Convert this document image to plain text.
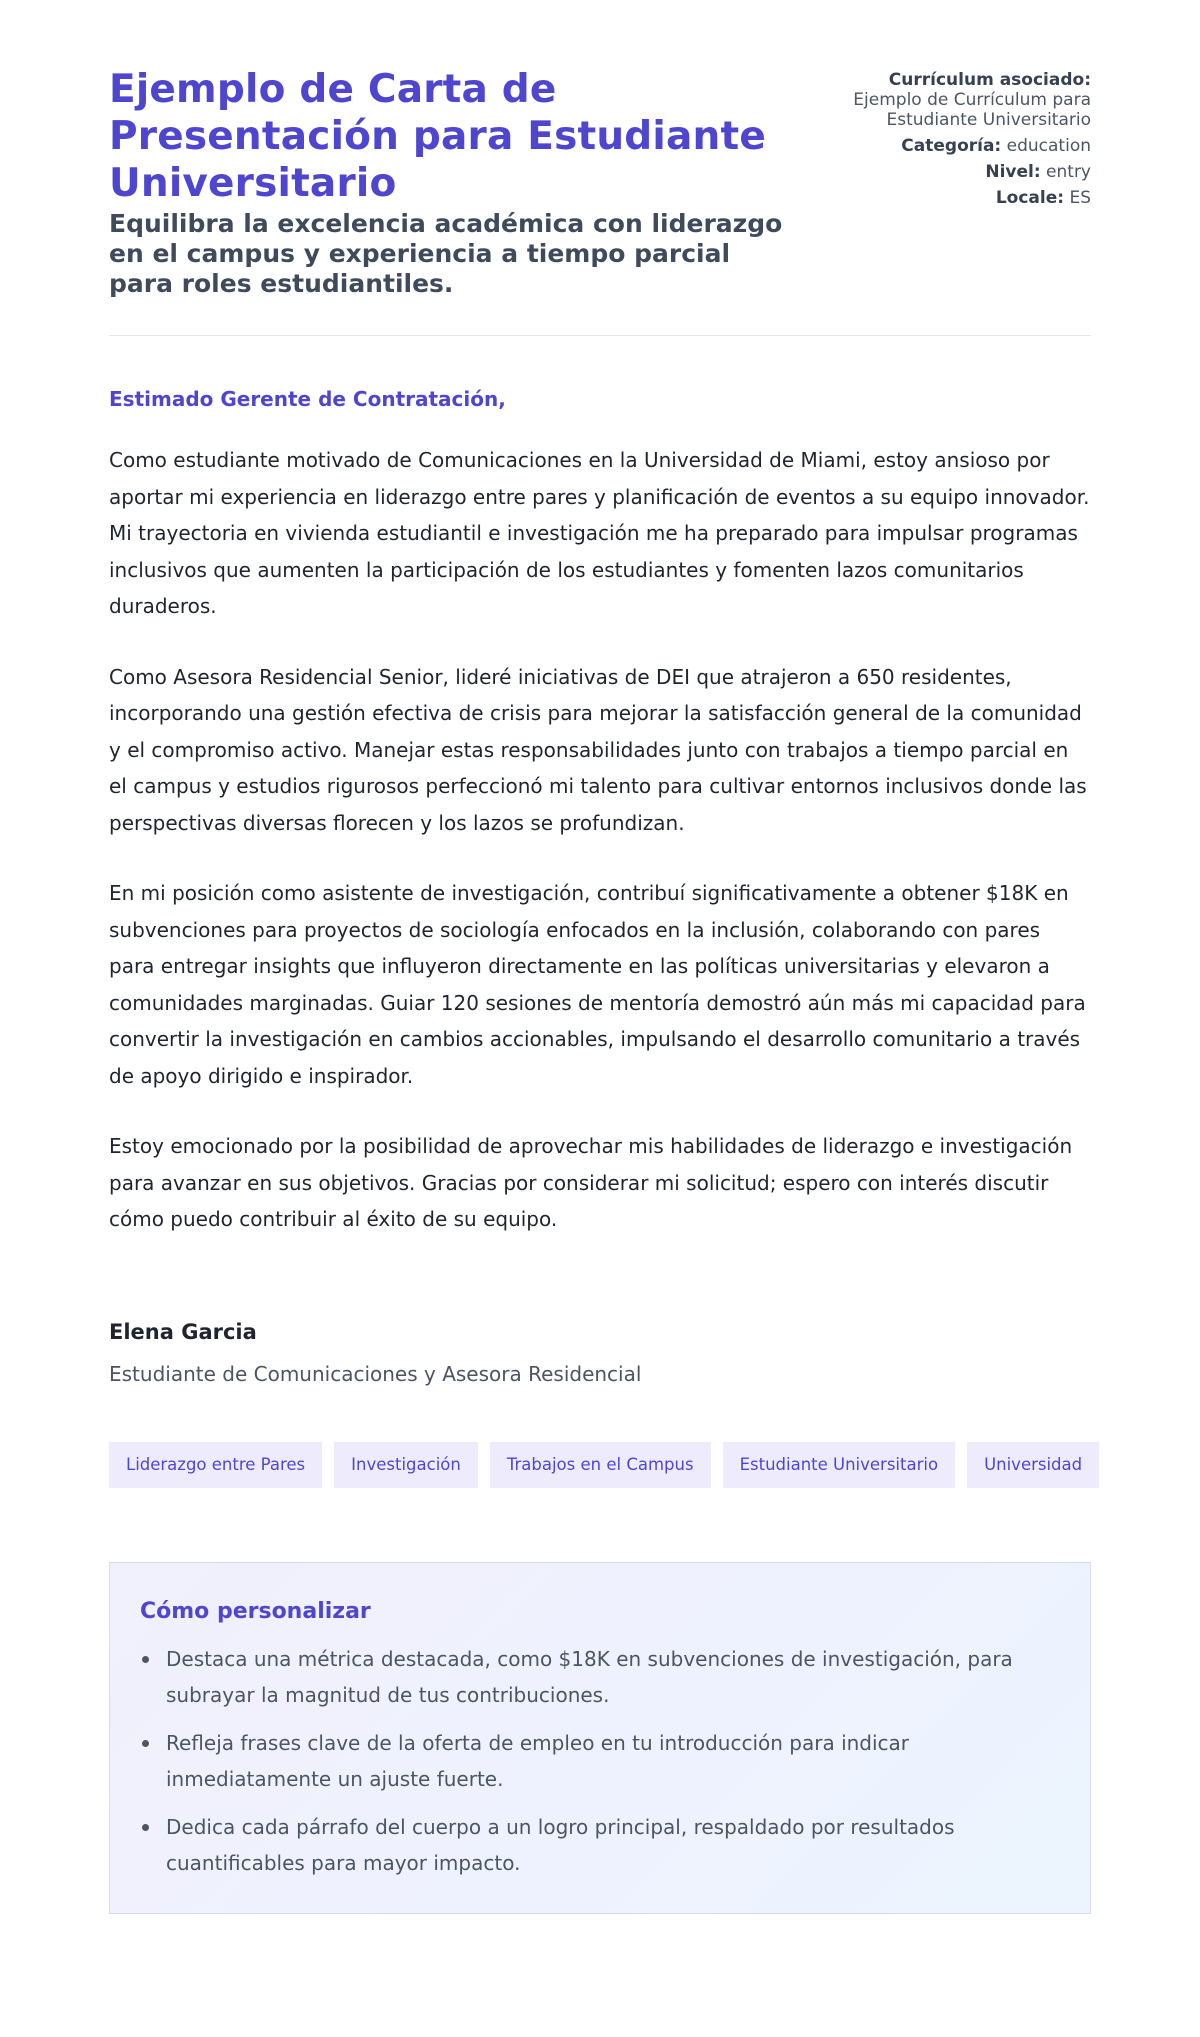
Ejemplo de Carta de Presentación para Estudiante Universitario
Equilibra la excelencia académica con liderazgo en el campus y experiencia a tiempo parcial para roles estudiantiles.
Currículum asociado:
Ejemplo de Currículum para Estudiante Universitario
Categoría: education
Nivel: entry
Locale: ES

Estimado Gerente de Contratación,

Como estudiante motivado de Comunicaciones en la Universidad de Miami, estoy ansioso por aportar mi experiencia en liderazgo entre pares y planificación de eventos a su equipo innovador. Mi trayectoria en vivienda estudiantil e investigación me ha preparado para impulsar programas inclusivos que aumenten la participación de los estudiantes y fomenten lazos comunitarios duraderos.

Como Asesora Residencial Senior, lideré iniciativas de DEI que atrajeron a 650 residentes, incorporando una gestión efectiva de crisis para mejorar la satisfacción general de la comunidad y el compromiso activo. Manejar estas responsabilidades junto con trabajos a tiempo parcial en el campus y estudios rigurosos perfeccionó mi talento para cultivar entornos inclusivos donde las perspectivas diversas florecen y los lazos se profundizan.

En mi posición como asistente de investigación, contribuí significativamente a obtener $18K en subvenciones para proyectos de sociología enfocados en la inclusión, colaborando con pares para entregar insights que influyeron directamente en las políticas universitarias y elevaron a comunidades marginadas. Guiar 120 sesiones de mentoría demostró aún más mi capacidad para convertir la investigación en cambios accionables, impulsando el desarrollo comunitario a través de apoyo dirigido e inspirador.

Estoy emocionado por la posibilidad de aprovechar mis habilidades de liderazgo e investigación para avanzar en sus objetivos. Gracias por considerar mi solicitud; espero con interés discutir cómo puedo contribuir al éxito de su equipo.

Elena Garcia

Estudiante de Comunicaciones y Asesora Residencial

Liderazgo entre Pares	Investigación	Trabajos en el Campus	Estudiante Universitario	Universidad
Cómo personalizar
Destaca una métrica destacada, como $18K en subvenciones de investigación, para subrayar la magnitud de tus contribuciones.
Refleja frases clave de la oferta de empleo en tu introducción para indicar inmediatamente un ajuste fuerte.
Dedica cada párrafo del cuerpo a un logro principal, respaldado por resultados cuantificables para mayor impacto.
